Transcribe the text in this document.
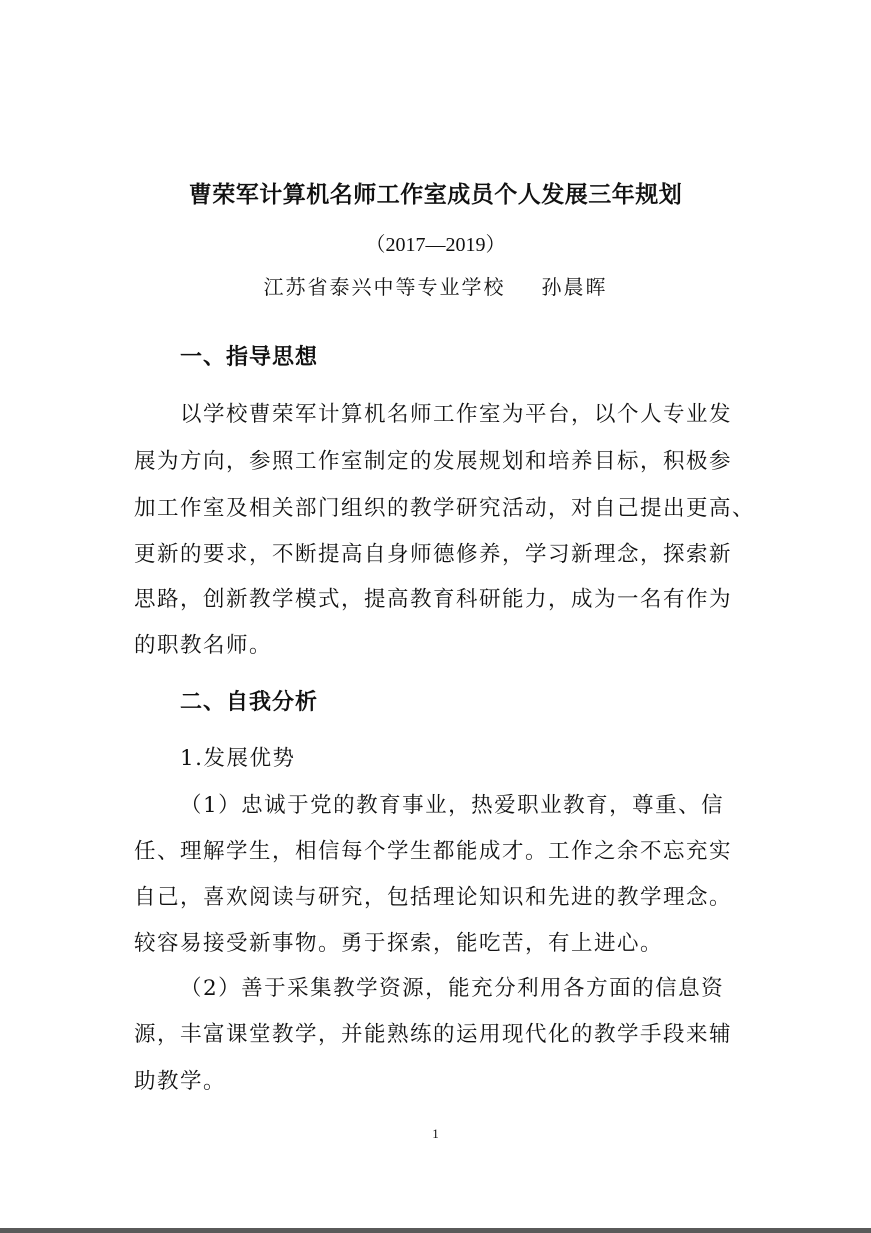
曹荣军计算机名师工作室成员个人发展三年规划
（2017—2019）
江苏省泰兴中等专业学校 孙晨晖
一、指导思想
以学校曹荣军计算机名师工作室为平台，以个人专业发
展为方向，参照工作室制定的发展规划和培养目标，积极参
加工作室及相关部门组织的教学研究活动，对自己提出更高、
更新的要求，不断提高自身师德修养，学习新理念，探索新
思路，创新教学模式，提高教育科研能力，成为一名有作为
的职教名师。
二、自我分析
1.发展优势
（1）忠诚于党的教育事业，热爱职业教育，尊重、信
任、理解学生，相信每个学生都能成才。工作之余不忘充实
自己，喜欢阅读与研究，包括理论知识和先进的教学理念。
较容易接受新事物。勇于探索，能吃苦，有上进心。
（2）善于采集教学资源，能充分利用各方面的信息资
源，丰富课堂教学，并能熟练的运用现代化的教学手段来辅
助教学。
1
